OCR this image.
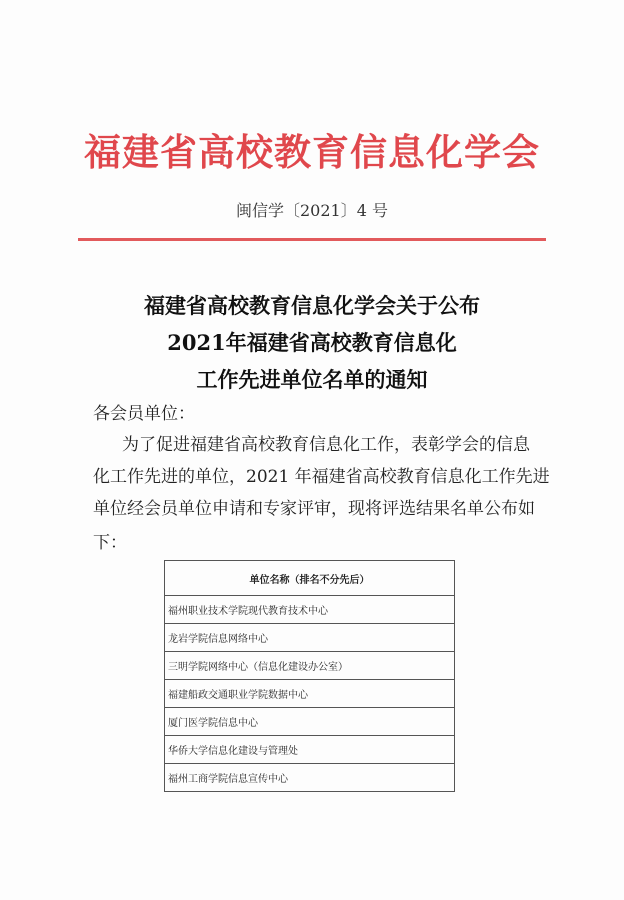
福建省高校教育信息化学会
闽信学〔2021〕4 号
福建省高校教育信息化学会关于公布
2021年福建省高校教育信息化
工作先进单位名单的通知
各会员单位：
为了促进福建省高校教育信息化工作，表彰学会的信息
化工作先进的单位，2021 年福建省高校教育信息化工作先进
单位经会员单位申请和专家评审，现将评选结果名单公布如
下：
单位名称（排名不分先后）
福州职业技术学院现代教育技术中心
龙岩学院信息网络中心
三明学院网络中心（信息化建设办公室）
福建船政交通职业学院数据中心
厦门医学院信息中心
华侨大学信息化建设与管理处
福州工商学院信息宣传中心
